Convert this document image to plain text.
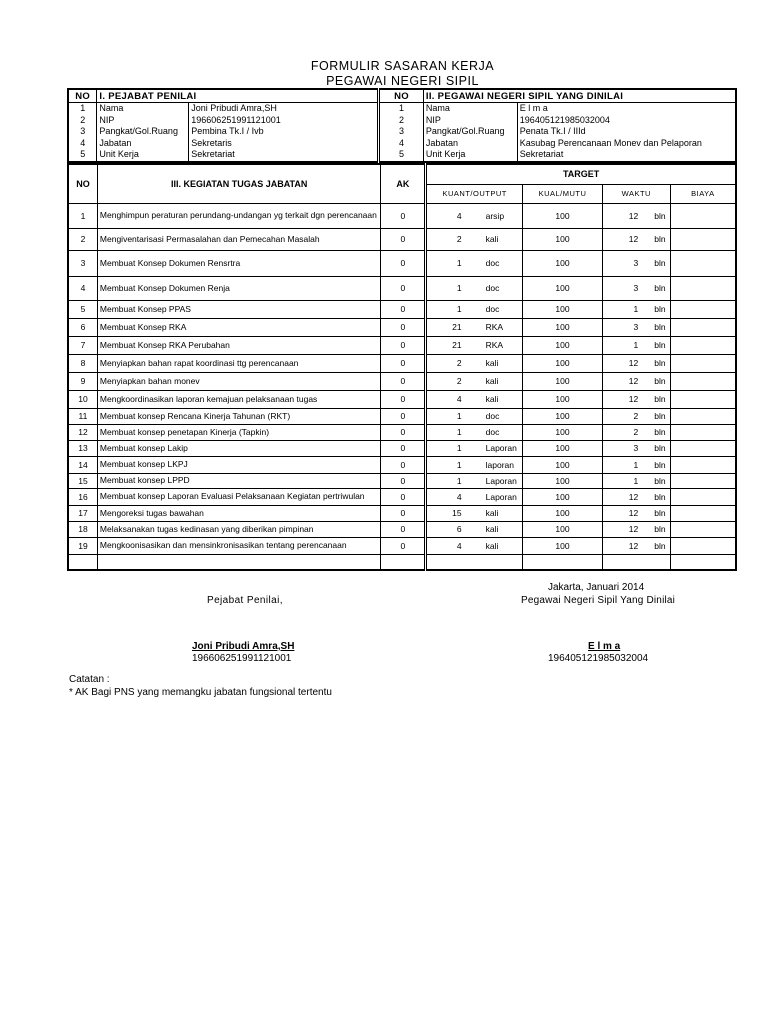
FORMULIR SASARAN KERJA
PEGAWAI NEGERI SIPIL
NO	I. PEJABAT PENILAI		NO	II. PEGAWAI NEGERI SIPIL YANG DINILAI	
1	Nama	Joni Pribudi Amra,SH	1	Nama	E l m a
2	NIP	196606251991121001	2	NIP	196405121985032004
3	Pangkat/Gol.Ruang	Pembina Tk.I / Ivb	3	Pangkat/Gol.Ruang	Penata Tk.I / IIId
4	Jabatan	Sekretaris	4	Jabatan	Kasubag Perencanaan Monev dan Pelaporan
5	Unit Kerja	Sekretariat	5	Unit Kerja	Sekretariat
NO	III. KEGIATAN TUGAS JABATAN	AK	TARGET					
			KUANT/OUTPUT		KUAL/MUTU	WAKTU		BIAYA
1	Menghimpun peraturan perundang-undangan yg terkait dgn perencanaan	0	4	arsip	100	12	bln	
2	Mengiventarisasi Permasalahan dan Pemecahan Masalah	0	2	kali	100	12	bln	
3	Membuat Konsep Dokumen Rensrtra	0	1	doc	100	3	bln	
4	Membuat Konsep Dokumen Renja	0	1	doc	100	3	bln	
5	Membuat Konsep PPAS	0	1	doc	100	1	bln	
6	Membuat Konsep RKA	0	21	RKA	100	3	bln	
7	Membuat Konsep RKA Perubahan	0	21	RKA	100	1	bln	
8	Menyiapkan bahan rapat koordinasi ttg perencanaan	0	2	kali	100	12	bln	
9	Menyiapkan bahan monev	0	2	kali	100	12	bln	
10	Mengkoordinasikan laporan kemajuan pelaksanaan tugas	0	4	kali	100	12	bln	
11	Membuat konsep Rencana Kinerja Tahunan (RKT)	0	1	doc	100	2	bln	
12	Membuat konsep penetapan Kinerja (Tapkin)	0	1	doc	100	2	bln	
13	Membuat konsep Lakip	0	1	Laporan	100	3	bln	
14	Membuat konsep LKPJ	0	1	laporan	100	1	bln	
15	Membuat konsep LPPD	0	1	Laporan	100	1	bln	
16	Membuat konsep Laporan Evaluasi Pelaksanaan Kegiatan pertriwulan	0	4	Laporan	100	12	bln	
17	Mengoreksi tugas bawahan	0	15	kali	100	12	bln	
18	Melaksanakan tugas kedinasan yang diberikan pimpinan	0	6	kali	100	12	bln	
19	Mengkoonisasikan dan mensinkronisasikan tentang perencanaan	0	4	kali	100	12	bln	

Jakarta, Januari 2014
Pejabat Penilai,	Pegawai Negeri Sipil Yang Dinilai
Joni Pribudi Amra,SH
196606251991121001
E l m a
196405121985032004
Catatan :
* AK Bagi PNS yang memangku jabatan fungsional tertentu
